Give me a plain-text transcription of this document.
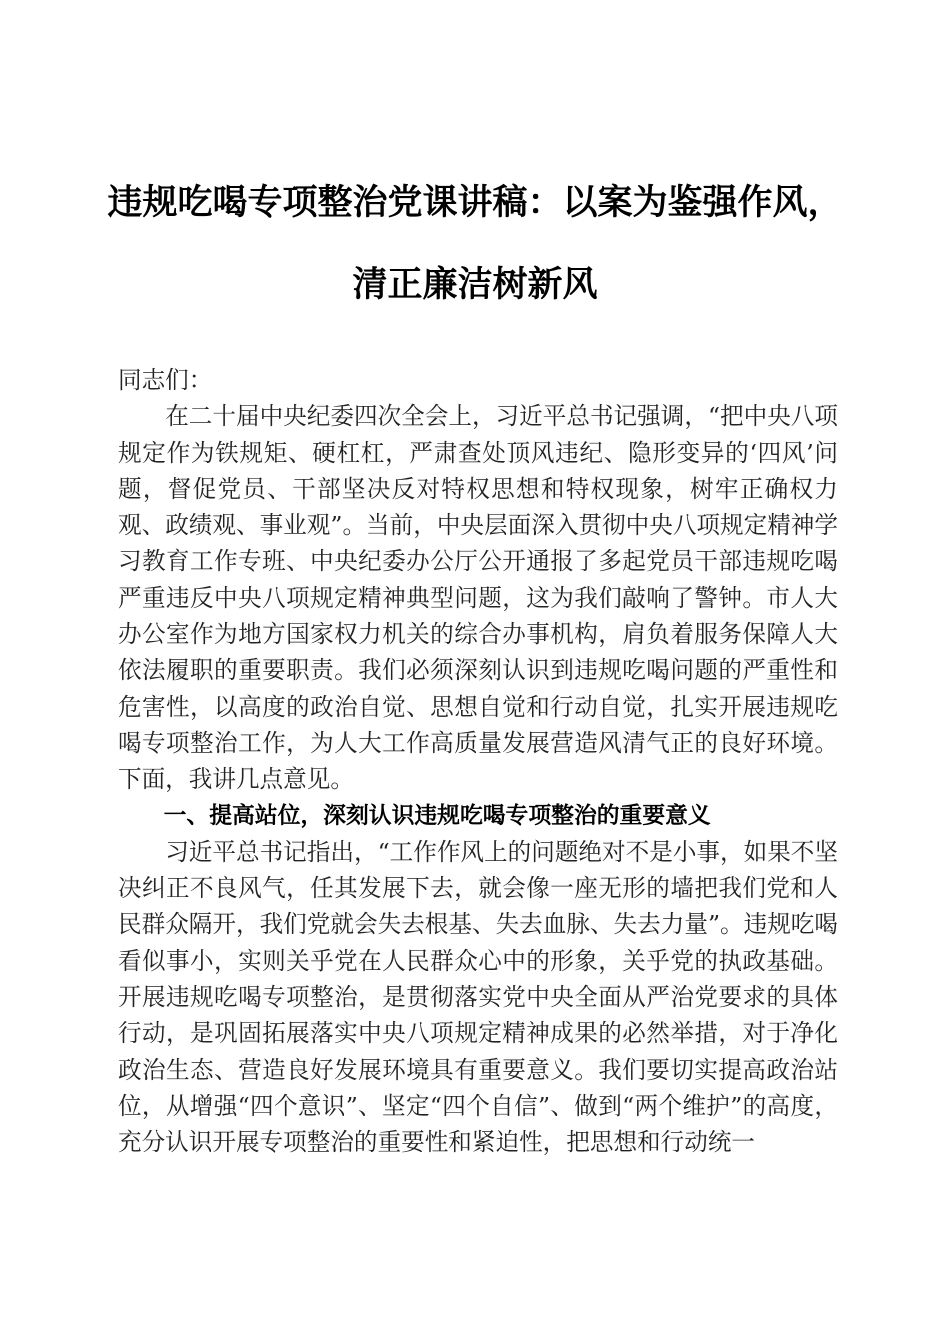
违规吃喝专项整治党课讲稿：以案为鉴强作风，
清正廉洁树新风

同志们：

在二十届中央纪委四次全会上，习近平总书记强调，“把中央八项规定作为铁规矩、硬杠杠，严肃查处顶风违纪、隐形变异的‘四风’问题，督促党员、干部坚决反对特权思想和特权现象，树牢正确权力观、政绩观、事业观”。当前，中央层面深入贯彻中央八项规定精神学习教育工作专班、中央纪委办公厅公开通报了多起党员干部违规吃喝严重违反中央八项规定精神典型问题，这为我们敲响了警钟。市人大办公室作为地方国家权力机关的综合办事机构，肩负着服务保障人大依法履职的重要职责。我们必须深刻认识到违规吃喝问题的严重性和危害性，以高度的政治自觉、思想自觉和行动自觉，扎实开展违规吃喝专项整治工作，为人大工作高质量发展营造风清气正的良好环境。下面，我讲几点意见。

一、提高站位，深刻认识违规吃喝专项整治的重要意义

习近平总书记指出，“工作作风上的问题绝对不是小事，如果不坚决纠正不良风气，任其发展下去，就会像一座无形的墙把我们党和人民群众隔开，我们党就会失去根基、失去血脉、失去力量”。违规吃喝看似事小，实则关乎党在人民群众心中的形象，关乎党的执政基础。开展违规吃喝专项整治，是贯彻落实党中央全面从严治党要求的具体行动，是巩固拓展落实中央八项规定精神成果的必然举措，对于净化政治生态、营造良好发展环境具有重要意义。我们要切实提高政治站位，从增强“四个意识”、坚定“四个自信”、做到“两个维护”的高度，充分认识开展专项整治的重要性和紧迫性，把思想和行动统一
